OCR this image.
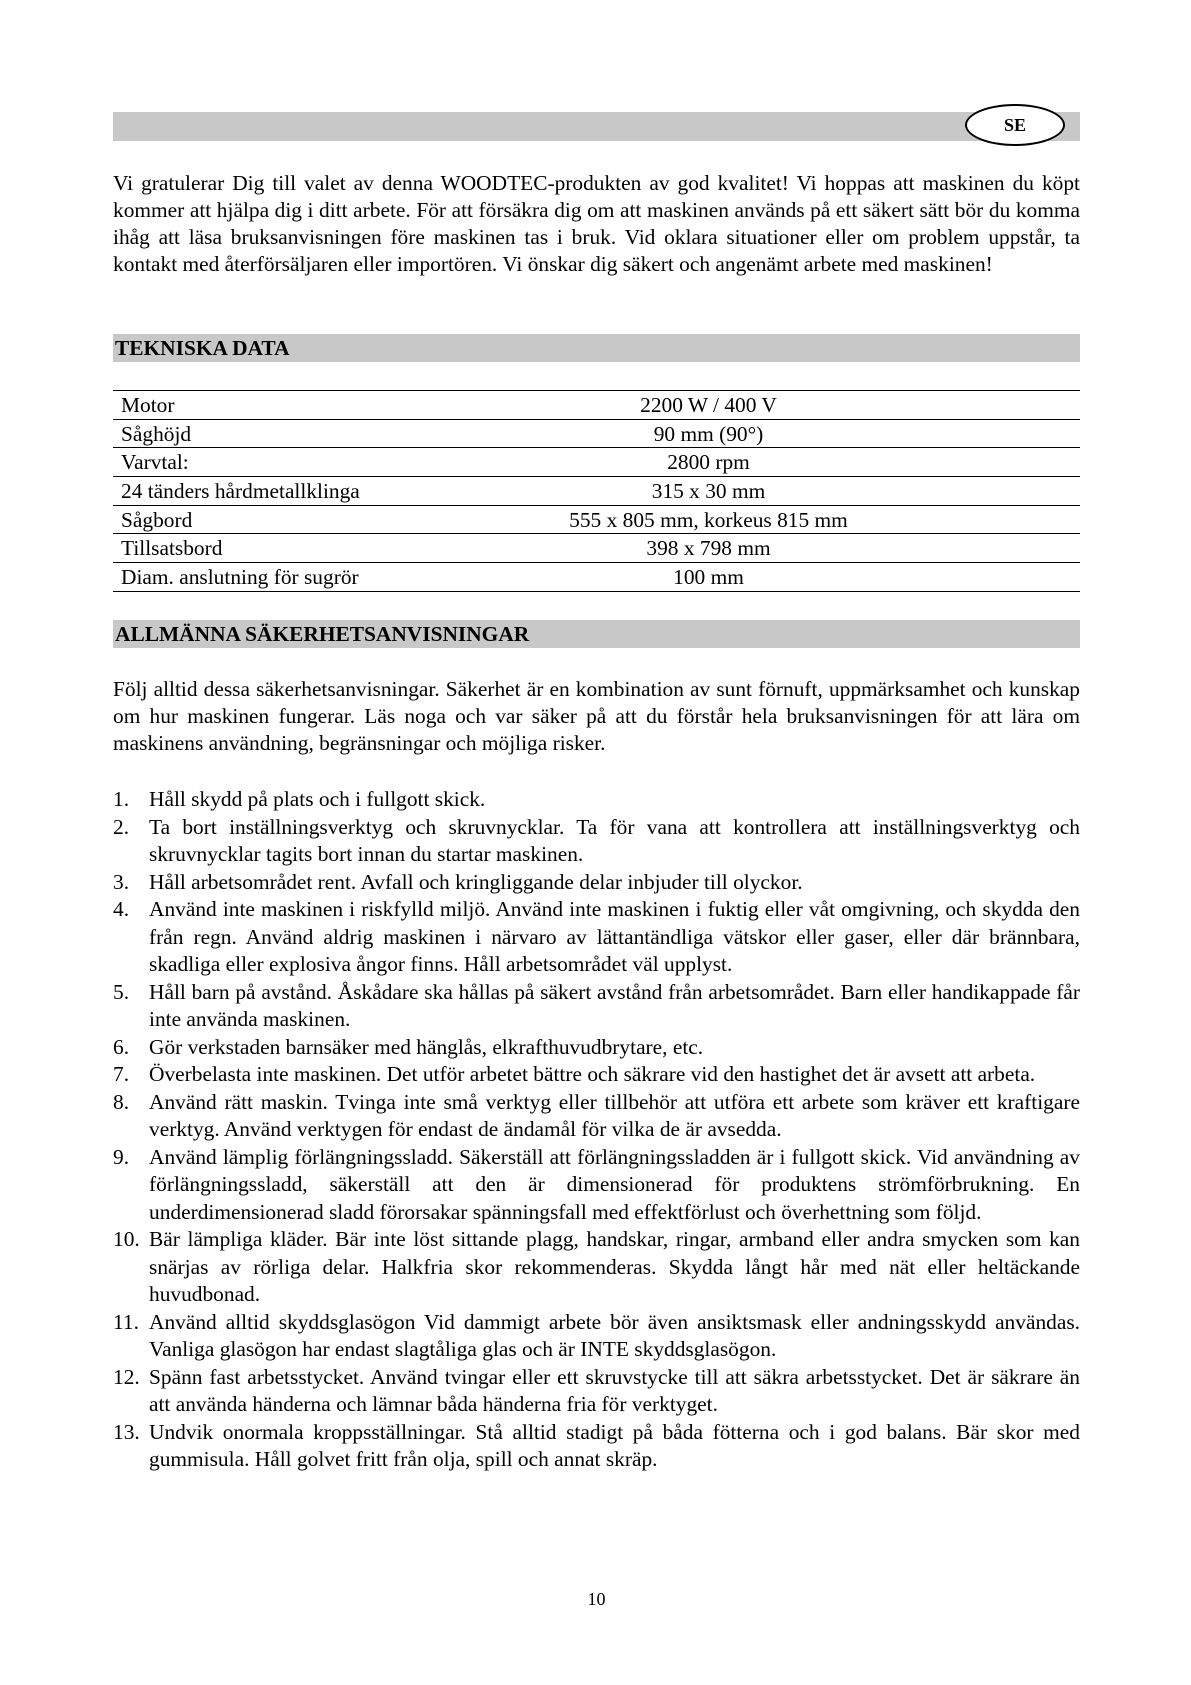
SE

Vi gratulerar Dig till valet av denna WOODTEC-produkten av god kvalitet! Vi hoppas att maskinen du köpt kommer att hjälpa dig i ditt arbete. För att försäkra dig om att maskinen används på ett säkert sätt bör du komma ihåg att läsa bruksanvisningen före maskinen tas i bruk. Vid oklara situationer eller om problem uppstår, ta kontakt med återförsäljaren eller importören. Vi önskar dig säkert och angenämt arbete med maskinen!

TEKNISKA DATA
Motor	2200 W / 400 V
Såghöjd	90 mm (90°)
Varvtal:	2800 rpm
24 tänders hårdmetallklinga	315 x 30 mm
Sågbord	555 x 805 mm, korkeus 815 mm
Tillsatsbord	398 x 798 mm
Diam. anslutning för sugrör	100 mm
ALLMÄNNA SÄKERHETSANVISNINGAR

Följ alltid dessa säkerhetsanvisningar. Säkerhet är en kombination av sunt förnuft, uppmärksamhet och kunskap om hur maskinen fungerar. Läs noga och var säker på att du förstår hela bruksanvisningen för att lära om maskinens användning, begränsningar och möjliga risker.

1. Håll skydd på plats och i fullgott skick.
2. Ta bort inställningsverktyg och skruvnycklar. Ta för vana att kontrollera att inställningsverktyg och skruvnycklar tagits bort innan du startar maskinen.
3. Håll arbetsområdet rent. Avfall och kringliggande delar inbjuder till olyckor.
4. Använd inte maskinen i riskfylld miljö. Använd inte maskinen i fuktig eller våt omgivning, och skydda den från regn. Använd aldrig maskinen i närvaro av lättantändliga vätskor eller gaser, eller där brännbara, skadliga eller explosiva ångor finns. Håll arbetsområdet väl upplyst.
5. Håll barn på avstånd. Åskådare ska hållas på säkert avstånd från arbetsområdet. Barn eller handikappade får inte använda maskinen.
6. Gör verkstaden barnsäker med hänglås, elkrafthuvudbrytare, etc.
7. Överbelasta inte maskinen. Det utför arbetet bättre och säkrare vid den hastighet det är avsett att arbeta.
8. Använd rätt maskin. Tvinga inte små verktyg eller tillbehör att utföra ett arbete som kräver ett kraftigare verktyg. Använd verktygen för endast de ändamål för vilka de är avsedda.
9. Använd lämplig förlängningssladd. Säkerställ att förlängningssladden är i fullgott skick. Vid användning av förlängningssladd, säkerställ att den är dimensionerad för produktens strömförbrukning. En underdimensionerad sladd förorsakar spänningsfall med effektförlust och överhettning som följd.
10. Bär lämpliga kläder. Bär inte löst sittande plagg, handskar, ringar, armband eller andra smycken som kan snärjas av rörliga delar. Halkfria skor rekommenderas. Skydda långt hår med nät eller heltäckande huvudbonad.
11. Använd alltid skyddsglasögon Vid dammigt arbete bör även ansiktsmask eller andningsskydd användas. Vanliga glasögon har endast slagtåliga glas och är INTE skyddsglasögon.
12. Spänn fast arbetsstycket. Använd tvingar eller ett skruvstycke till att säkra arbetsstycket. Det är säkrare än att använda händerna och lämnar båda händerna fria för verktyget.
13. Undvik onormala kroppsställningar. Stå alltid stadigt på båda fötterna och i god balans. Bär skor med gummisula. Håll golvet fritt från olja, spill och annat skräp.
10
